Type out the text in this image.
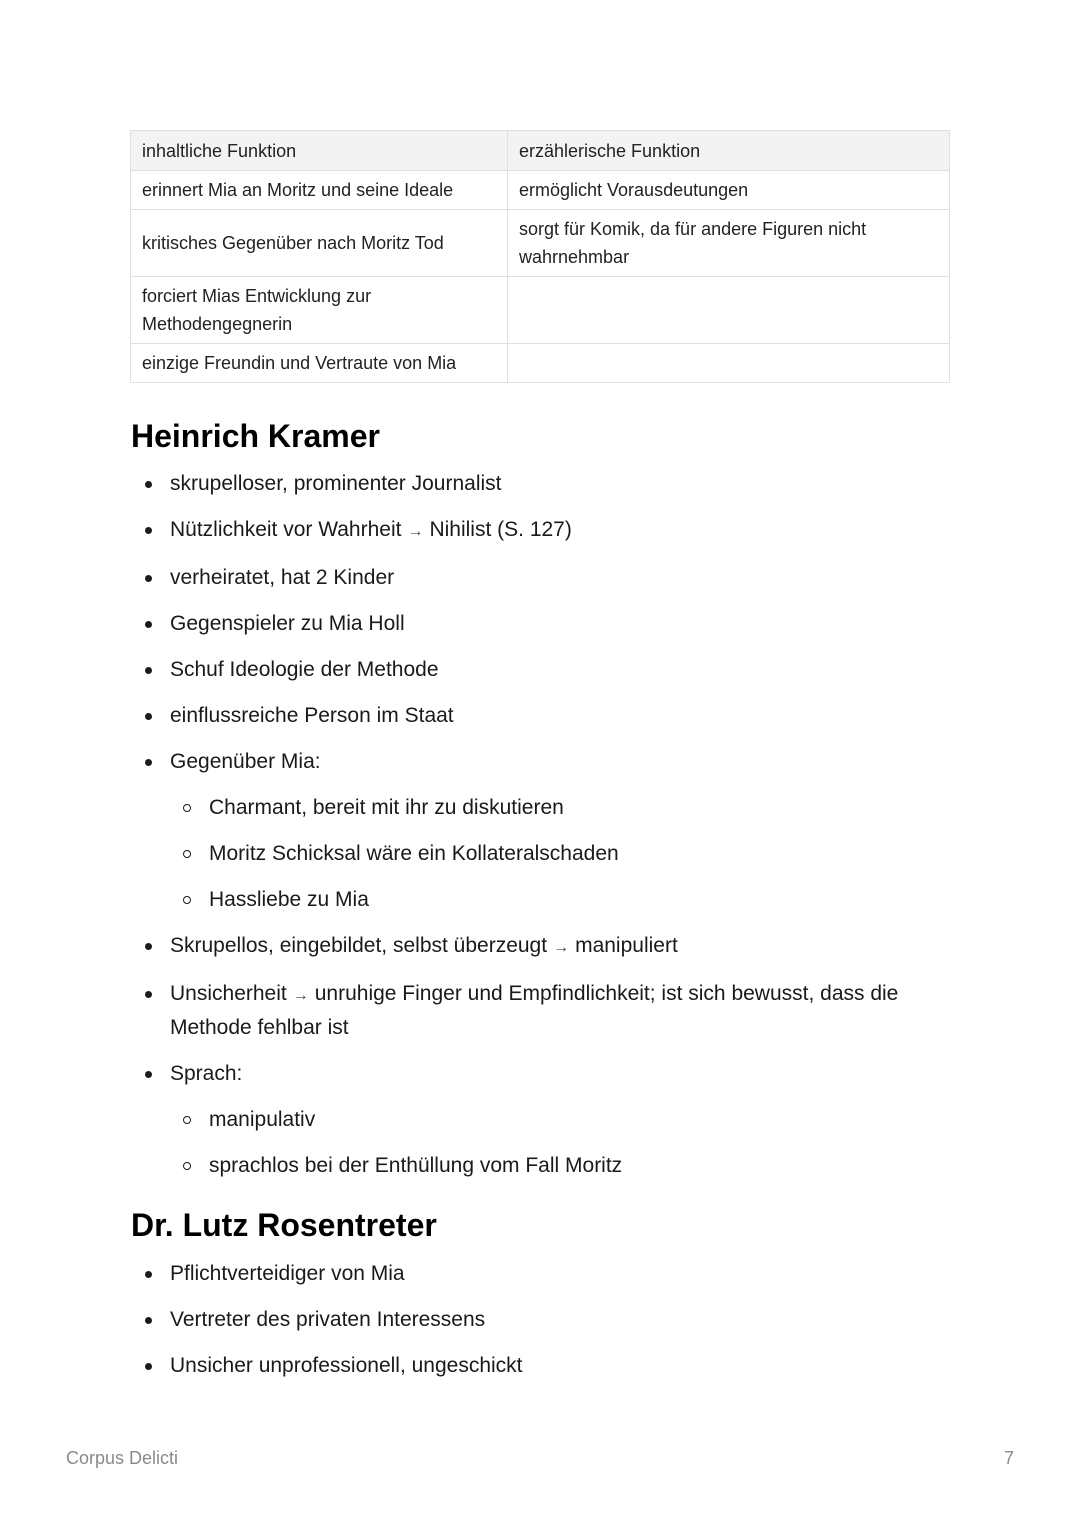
inhaltliche Funktion	erzählerische Funktion
erinnert Mia an Moritz und seine Ideale	ermöglicht Vorausdeutungen
kritisches Gegenüber nach Moritz Tod	sorgt für Komik, da für andere Figuren nicht wahrnehmbar
forciert Mias Entwicklung zur Methodengegnerin	
einzige Freundin und Vertraute von Mia	
Heinrich Kramer
skrupelloser, prominenter Journalist
Nützlichkeit vor Wahrheit → Nihilist (S. 127)
verheiratet, hat 2 Kinder
Gegenspieler zu Mia Holl
Schuf Ideologie der Methode
einflussreiche Person im Staat
Gegenüber Mia:
Charmant, bereit mit ihr zu diskutieren
Moritz Schicksal wäre ein Kollateralschaden
Hassliebe zu Mia
Skrupellos, eingebildet, selbst überzeugt → manipuliert
Unsicherheit → unruhige Finger und Empfindlichkeit; ist sich bewusst, dass die Methode fehlbar ist
Sprach:
manipulativ
sprachlos bei der Enthüllung vom Fall Moritz
Dr. Lutz Rosentreter
Pflichtverteidiger von Mia
Vertreter des privaten Interessens
Unsicher unprofessionell, ungeschickt
Corpus Delicti	7
